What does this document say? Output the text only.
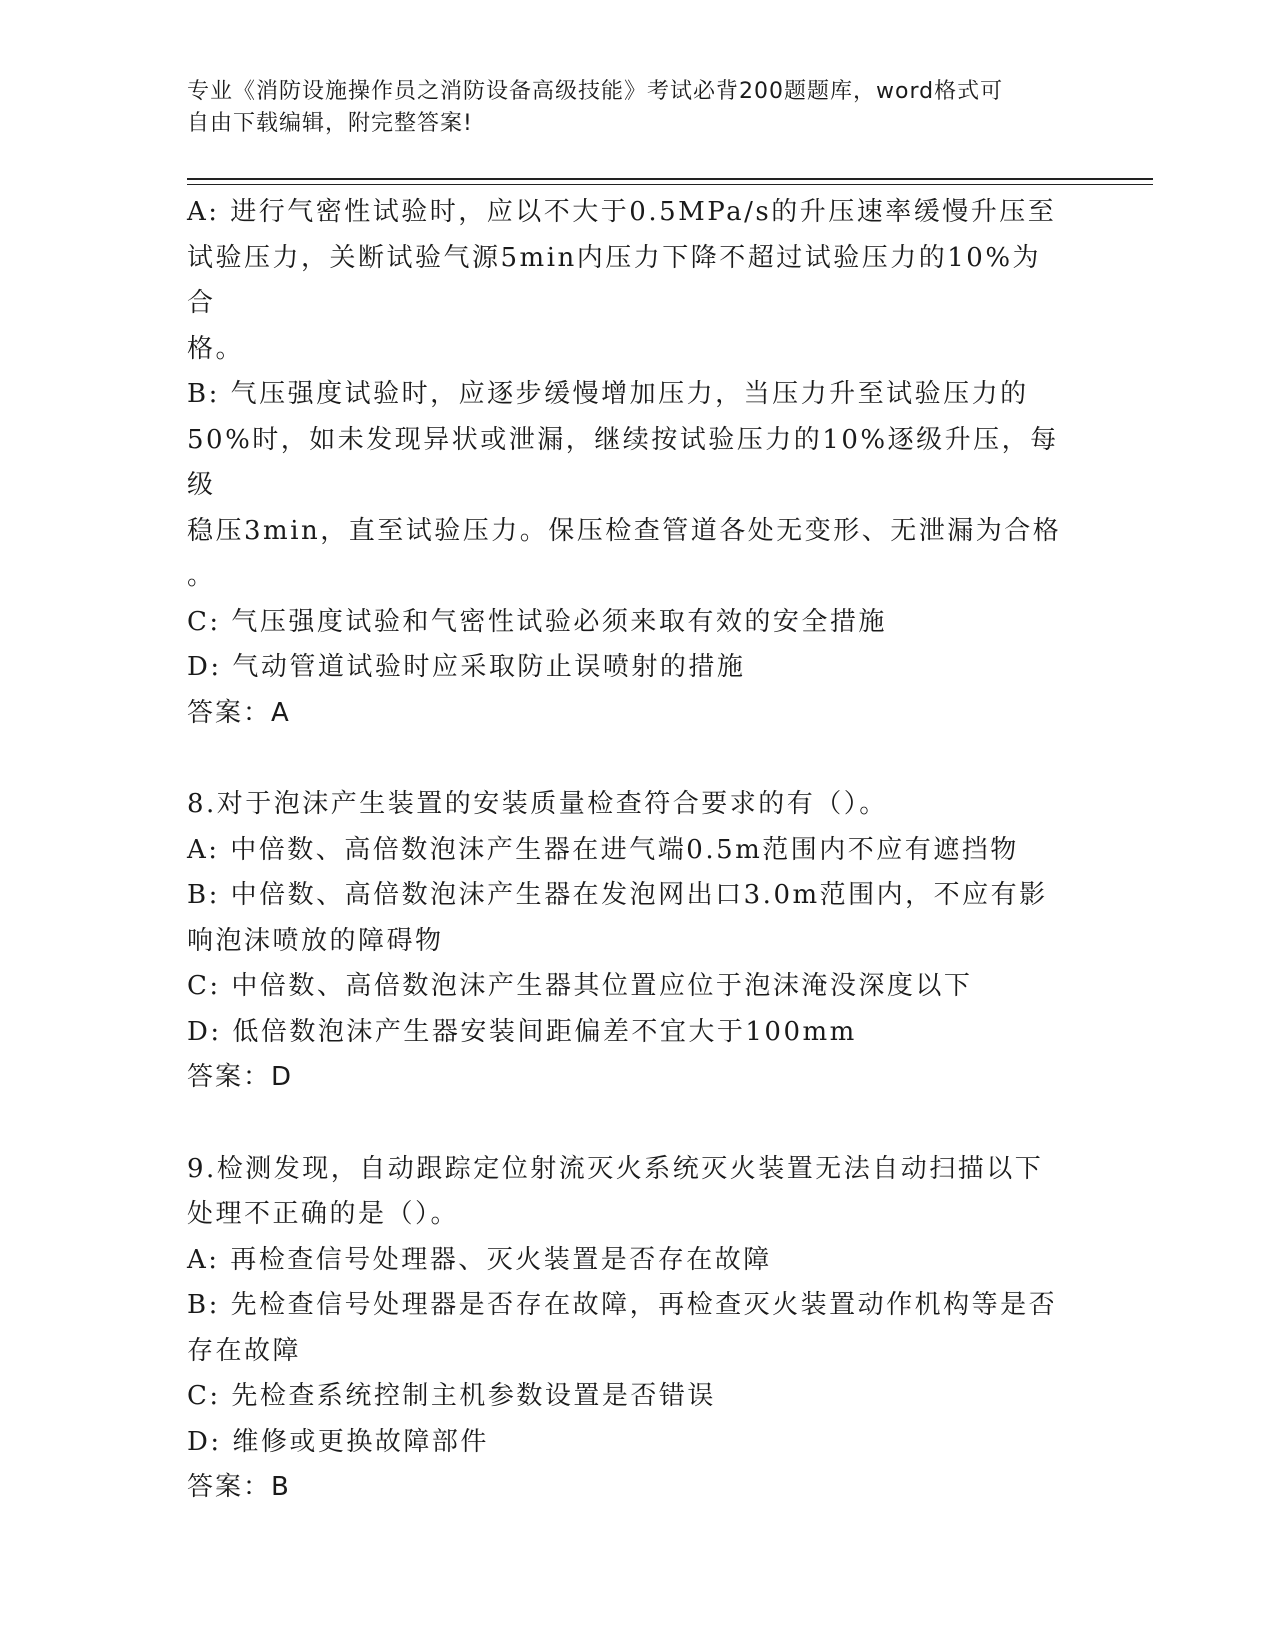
专业《消防设施操作员之消防设备高级技能》考试必背200题题库，word格式可
自由下载编辑，附完整答案!

A: 进行气密性试验时，应以不大于0.5MPa/s的升压速率缓慢升压至

试验压力，关断试验气源5min内压力下降不超过试验压力的10%为合

格。

B: 气压强度试验时，应逐步缓慢增加压力，当压力升至试验压力的

50%时，如未发现异状或泄漏，继续按试验压力的10%逐级升压，每级

稳压3min，直至试验压力。保压检查管道各处无变形、无泄漏为合格

。

C: 气压强度试验和气密性试验必须来取有效的安全措施

D: 气动管道试验时应采取防止误喷射的措施

答案：A

8.对于泡沫产生装置的安装质量检查符合要求的有（）。

A: 中倍数、高倍数泡沫产生器在进气端0.5m范围内不应有遮挡物

B: 中倍数、高倍数泡沫产生器在发泡网出口3.0m范围内，不应有影

响泡沫喷放的障碍物

C: 中倍数、高倍数泡沫产生器其位置应位于泡沫淹没深度以下

D: 低倍数泡沫产生器安装间距偏差不宜大于100mm

答案：D

9.检测发现，自动跟踪定位射流灭火系统灭火装置无法自动扫描以下

处理不正确的是（）。

A: 再检查信号处理器、灭火装置是否存在故障

B: 先检查信号处理器是否存在故障，再检查灭火装置动作机构等是否

存在故障

C: 先检查系统控制主机参数设置是否错误

D: 维修或更换故障部件

答案：B
